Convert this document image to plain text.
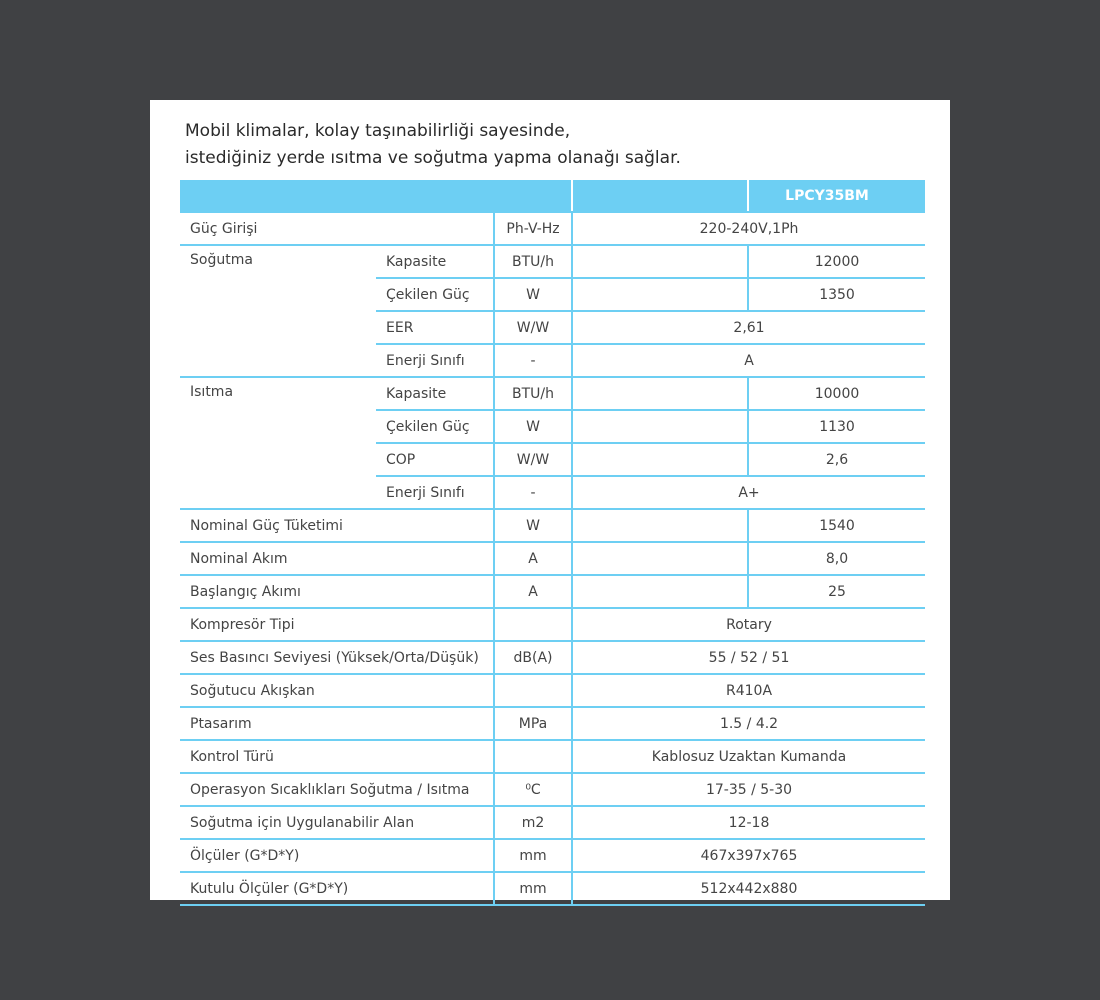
Mobil klimalar, kolay taşınabilirliği sayesinde,
istediğiniz yerde ısıtma ve soğutma yapma olanağı sağlar.
				LPCY35BM
Güç Girişi		Ph-V-Hz	220-240V,1Ph	
Soğutma	Kapasite	BTU/h		12000
	Çekilen Güç	W		1350
	EER	W/W	2,61	
	Enerji Sınıfı	-	A	
Isıtma	Kapasite	BTU/h		10000
	Çekilen Güç	W		1130
	COP	W/W		2,6
	Enerji Sınıfı	-	A+	
Nominal Güç Tüketimi		W		1540
Nominal Akım		A		8,0
Başlangıç Akımı		A		25
Kompresör Tipi			Rotary	
Ses Basıncı Seviyesi (Yüksek/Orta/Düşük)		dB(A)	55 / 52 / 51	
Soğutucu Akışkan			R410A	
Ptasarım		MPa	1.5 / 4.2	
Kontrol Türü			Kablosuz Uzaktan Kumanda	
Operasyon Sıcaklıkları Soğutma / Isıtma		⁰C	17-35 / 5-30	
Soğutma için Uygulanabilir Alan		m2	12-18	
Ölçüler (G*D*Y)		mm	467x397x765	
Kutulu Ölçüler (G*D*Y)		mm	512x442x880	
